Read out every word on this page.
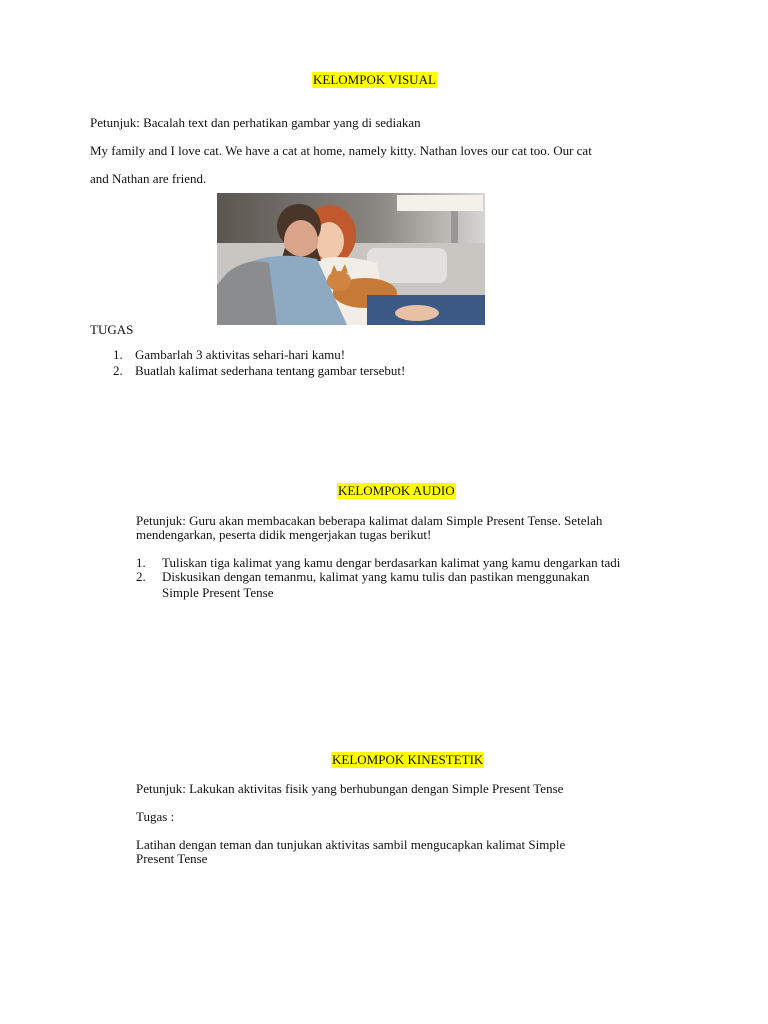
KELOMPOK VISUAL
Petunjuk: Bacalah text dan perhatikan gambar yang di sediakan
My family and I love cat. We have a cat at home, namely kitty. Nathan loves our cat too. Our cat
and Nathan are friend.
TUGAS
1. Gambarlah 3 aktivitas sehari-hari kamu!
2. Buatlah kalimat sederhana tentang gambar tersebut!
KELOMPOK AUDIO
Petunjuk: Guru akan membacakan beberapa kalimat dalam Simple Present Tense. Setelah
mendengarkan, peserta didik mengerjakan tugas berikut!
1. Tuliskan tiga kalimat yang kamu dengar berdasarkan kalimat yang kamu dengarkan tadi
2. Diskusikan dengan temanmu, kalimat yang kamu tulis dan pastikan menggunakan
Simple Present Tense
KELOMPOK KINESTETIK
Petunjuk: Lakukan aktivitas fisik yang berhubungan dengan Simple Present Tense
Tugas :
Latihan dengan teman dan tunjukan aktivitas sambil mengucapkan kalimat Simple
Present Tense
